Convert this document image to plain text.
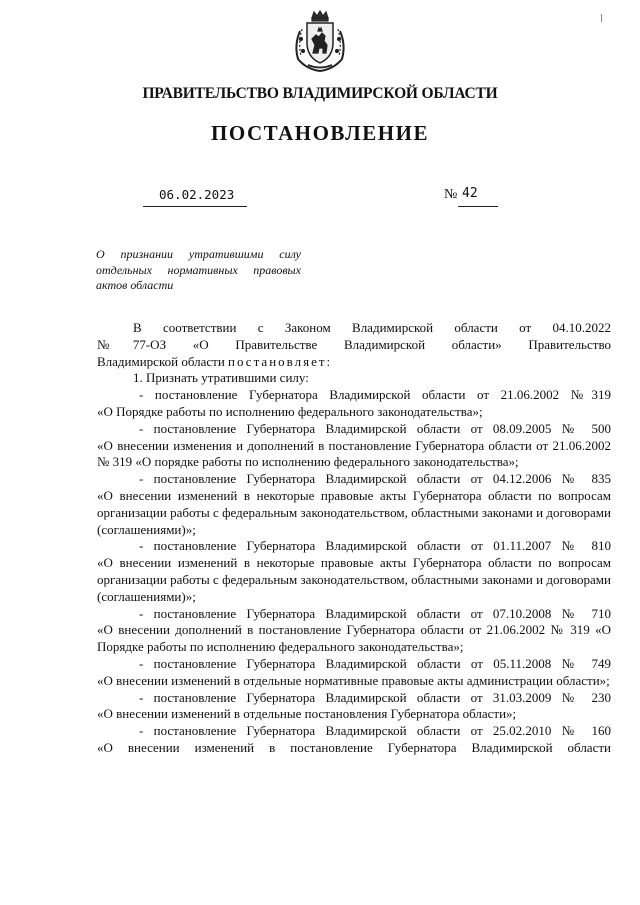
ПРАВИТЕЛЬСТВО ВЛАДИМИРСКОЙ ОБЛАСТИ
ПОСТАНОВЛЕНИЕ
06.02.2023	№ 42
О признании утратившими силу
отдельных нормативных правовых
актов области

В соответствии с Законом Владимирской области от 04.10.2022

№77-ОЗ «О Правительстве Владимирской области» Правительство

Владимирской области постановляет:

1. Признать утратившими силу:

- постановление Губернатора Владимирской области от 21.06.2002 №319

«О Порядке работы по исполнению федерального законодательства»;

- постановление Губернатора Владимирской области от 08.09.2005 № 500

«О внесении изменения и дополнений в постановление Губернатора области от 21.06.2002 № 319 «О порядке работы по исполнению федерального законодательства»;

- постановление Губернатора Владимирской области от 04.12.2006 № 835

«О внесении изменений в некоторые правовые акты Губернатора области по вопросам организации работы с федеральным законодательством, областными законами и договорами (соглашениями)»;

- постановление Губернатора Владимирской области от 01.11.2007 № 810

«О внесении изменений в некоторые правовые акты Губернатора области по вопросам организации работы с федеральным законодательством, областными законами и договорами (соглашениями)»;

- постановление Губернатора Владимирской области от 07.10.2008 № 710

«О внесении дополнений в постановление Губернатора области от 21.06.2002 № 319 «О Порядке работы по исполнению федерального законодательства»;

- постановление Губернатора Владимирской области от 05.11.2008 № 749

«О внесении изменений в отдельные нормативные правовые акты администрации области»;

- постановление Губернатора Владимирской области от 31.03.2009 № 230

«О внесении изменений в отдельные постановления Губернатора области»;

- постановление Губернатора Владимирской области от 25.02.2010 № 160

«О внесении изменений в постановление Губернатора Владимирской области
